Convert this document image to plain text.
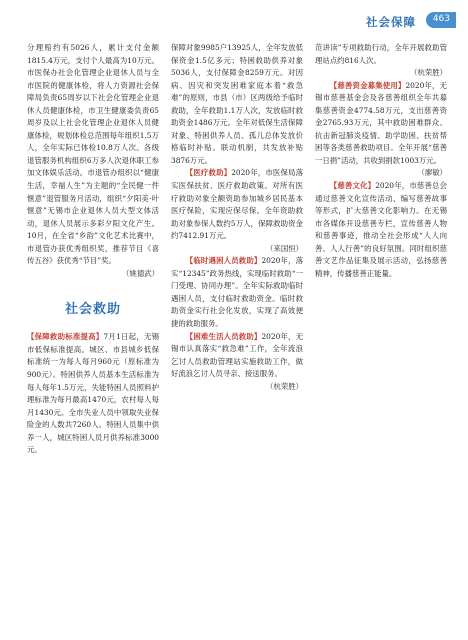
社会保障 463

分理赔约有5026人，累计支付金额1815.4万元，支付个人最高为10万元。市医保办社会化管理企业退休人员与全市医院的健康体检，将人力资源社会保障局负责65周岁以下社会化管理企业退休人员健康体检，市卫生健康委负责65周岁及以上社会化管理企业退休人员健康体检，规划体检总范围每年组织1.5万人，全年实际已体检10.8万人次。各级退管服务机构组织6万多人次退休职工参加文体娱乐活动。市退管办组织以“健康生活，幸福人生”为主题的“全民健一件惬意”退管服务月活动，组织“夕阳美·叶惬意”无锡市企业退休人员大型文体活动，退休人员展示多彩夕阳文化产生。10月，在全省“乡韵”文化艺术比赛中，市退管办获优秀组织奖，推荐节目《喜传五谷》获优秀“节目”奖。

（姚德武）

社会救助

【保障救助标准提高】7月1日起，无锡市低保标准提高。城区、市县城乡低保标准统一为每人每月960元（原标准为900元）。特困供养人员基本生活标准为每人每年1.5万元，失能特困人员照料护理标准为每月最高1470元，农村每人每月1430元。全市失业人员中领取失业保险金的人数共7260人。特困人员集中供养一人，城区特困人员月供养标准3000元。

保障对象9985户13925人，全年发放低保资金1.5亿多元；特困救助供养对象5036人，支付保障金8259万元。对因病、因灾和突发困难家庭本着“救急难”的原则，市县（市）区两级给予临时救助，全年救助1.1万人次，发放临时救助资金1486万元。全年对低保生活保障对象、特困供养人员、孤儿总体发放价格临时补贴。联动机制，共发放补贴3876万元。

【医疗救助】2020年，市医保局落实医保扶贫、医疗救助政策。对所有医疗救助对象全额资助参加城乡居民基本医疗保险，实现应保尽保。全年资助救助对象参保人数约5万人，保障救助资金约7412.91万元。

（来国恒）

【临时遇困人员救助】2020年，落实“12345”政务热线，实现临时救助“一门受理、协同办理”。全年实际救助临时遇困人员，支付临时救助资金。临时救助资金实行社会化发放，实现了高效便捷的救助服务。

【困难生活人员救助】2020年，无锡市认真落实“救急难”工作，全年流浪乞讨人员救助管理站实施救助工作，做好流浪乞讨人员寻亲、接送服务。

（杭荣胜）

范讲读”专项救助行动，全年开展救助管理站点约816人次。

（杭荣胜）

【慈善资金募集使用】2020年，无锡市慈善基金会及各慈善组织全年共募集慈善资金4774.58万元，支出慈善资金2765.93万元，其中救助困难群众、抗击新冠肺炎疫情、助学助困、扶贫帮困等各类慈善救助项目。全年开展“慈善一日捐”活动，共收到捐款1003万元。

（廖敏）

【慈善文化】2020年，市慈善总会通过慈善文化宣传活动、编写慈善故事等形式，扩大慈善文化影响力。在无锡市各媒体开设慈善专栏，宣传慈善人物和慈善事迹，推动全社会形成“人人向善、人人行善”的良好氛围。同时组织慈善文艺作品征集及展示活动，弘扬慈善精神，传播慈善正能量。
